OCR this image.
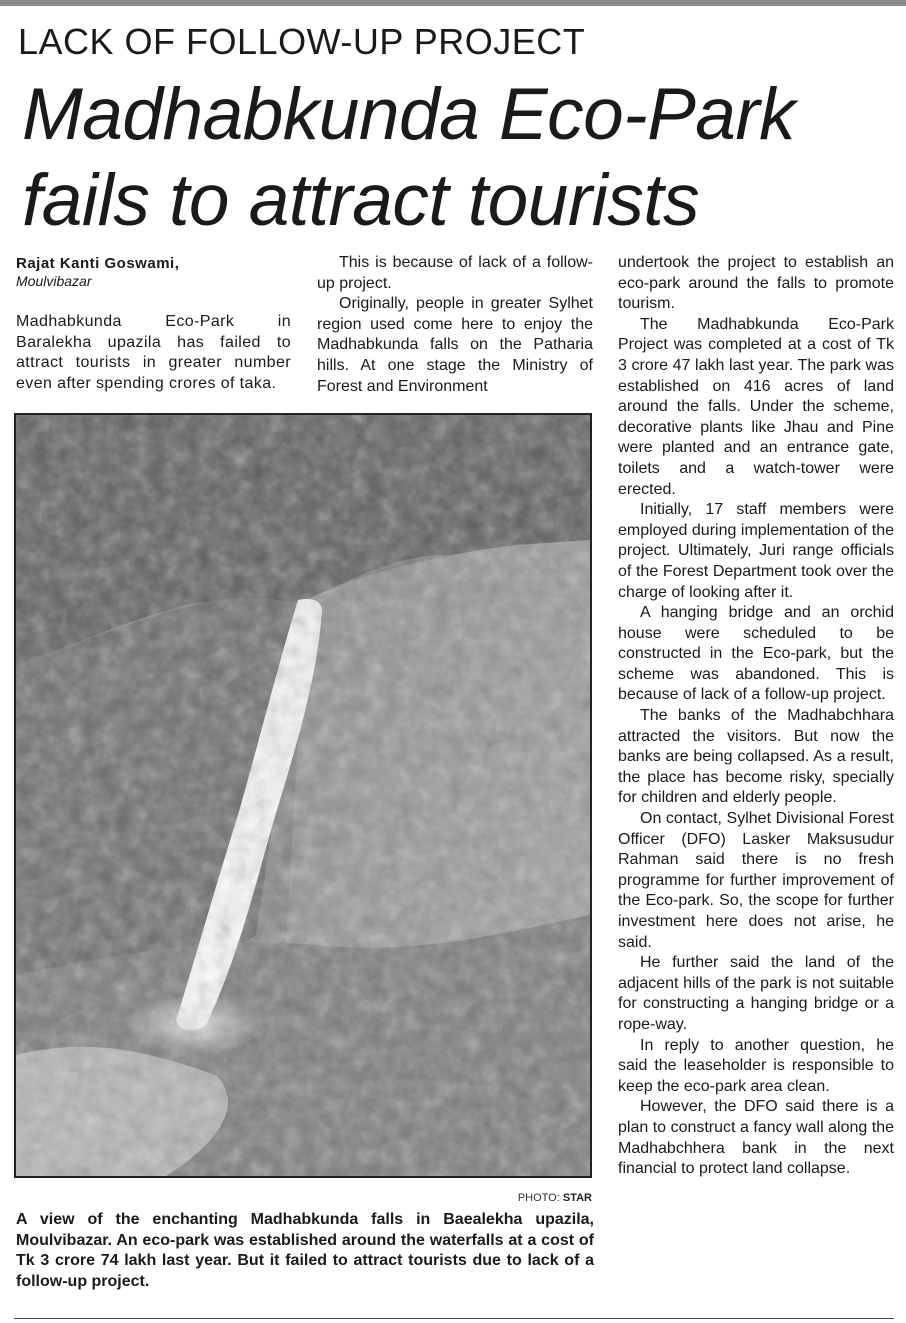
LACK OF FOLLOW-UP PROJECT
Madhabkunda Eco-Park
fails to attract tourists
Rajat Kanti Goswami,
Moulvibazar

Madhabkunda Eco-Park in Baralekha upazila has failed to attract tourists in greater number even after spending crores of taka.

This is because of lack of a follow-up project.

Originally, people in greater Sylhet region used come here to enjoy the Madhabkunda falls on the Patharia hills. At one stage the Ministry of Forest and Environment

undertook the project to establish an eco-park around the falls to promote tourism.

The Madhabkunda Eco-Park Project was completed at a cost of Tk 3 crore 47 lakh last year. The park was established on 416 acres of land around the falls. Under the scheme, decorative plants like Jhau and Pine were planted and an entrance gate, toilets and a watch-tower were erected.

Initially, 17 staff members were employed during implementation of the project. Ultimately, Juri range officials of the Forest Department took over the charge of looking after it.

A hanging bridge and an orchid house were scheduled to be constructed in the Eco-park, but the scheme was abandoned. This is because of lack of a follow-up project.

The banks of the Madhabchhara attracted the visitors. But now the banks are being collapsed. As a result, the place has become risky, specially for children and elderly people.

On contact, Sylhet Divisional Forest Officer (DFO) Lasker Maksusudur Rahman said there is no fresh programme for further improvement of the Eco-park. So, the scope for further investment here does not arise, he said.

He further said the land of the adjacent hills of the park is not suitable for constructing a hanging bridge or a rope-way.

In reply to another question, he said the leaseholder is responsible to keep the eco-park area clean.

However, the DFO said there is a plan to construct a fancy wall along the Madhabchhera bank in the next financial to protect land collapse.

PHOTO: STAR
A view of the enchanting Madhabkunda falls in Baealekha upazila, Moulvibazar. An eco-park was established around the waterfalls at a cost of Tk 3 crore 74 lakh last year. But it failed to attract tourists due to lack of a follow-up project.
